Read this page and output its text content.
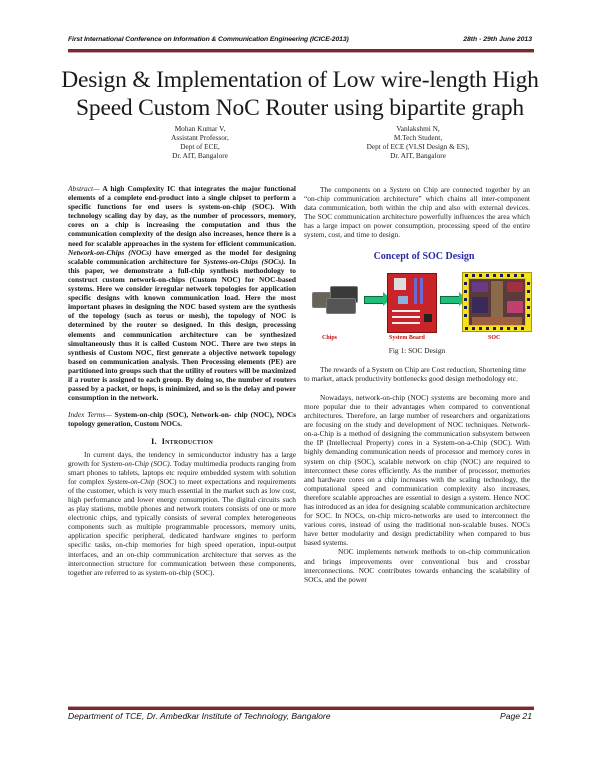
First International Conference on Information & Communication Engineering (ICICE-2013)	28th - 29th June 2013
Design & Implementation of Low wire-length High Speed Custom NoC Router using bipartite graph
Mohan Kumar V,
Assistant Professor,
Dept of ECE,
Dr. AIT, Bangalore
Vanlakshmi N,
M.Tech Student,
Dept of ECE (VLSI Design & ES),
Dr. AIT, Bangalore

Abstract— A high Complexity IC that integrates the major functional elements of a complete end-product into a single chipset to perform a specific functions for end users is system-on-chip (SOC). With technology scaling day by day, as the number of processors, memory, cores on a chip is increasing the computation and thus the communication complexity of the design also increases, hence there is a need for scalable approaches in the system for efficient communication. Network-on-Chips (NOCs) have emerged as the model for designing scalable communication architecture for Systems-on-Chips (SOCs). In this paper, we demonstrate a full-chip synthesis methodology to construct custom network-on-chips (Custom NOC) for NOC-based systems. Here we consider irregular network topologies for application specific designs with known communication load. Here the most important phases in designing the NOC based system are the synthesis of the topology (such as torus or mesh), the topology of NOC is determined by the router so designed. In this design, processing elements and communication architecture can be synthesized simultaneously thus it is called Custom NOC. There are two steps in synthesis of Custom NOC, first generate a objective network topology based on communication analysis. Then Processing elements (PE) are partitioned into groups such that the utility of routers will be maximized if a router is assigned to each group. By doing so, the number of routers passed by a packet, or hops, is minimized, and so is the delay and power consumption in the network.

Index Terms— System-on-chip (SOC), Network-on- chip (NOC), NOCs topology generation, Custom NOCs.

I. Introduction

In current days, the tendency in semiconductor industry has a large growth for System-on-Chip (SOC). Today multimedia products ranging from smart phones to tablets, laptops etc require embedded system with solution for complex System-on-Chip (SOC) to meet expectations and requirements of the customer, which is very much essential in the market such as low cost, high performance and lower energy consumption. The digital circuits such as play stations, mobile phones and network routers consists of one or more electronic chips, and typically consists of several complex heterogeneous components such as multiple programmable processors, memory units, application specific peripheral, dedicated hardware engines to perform specific tasks, on-chip memories for high speed operation, input-output interfaces, and an on-chip communication architecture that serves as the interconnection structure for communication between these components, together are referred to as system-on-chip (SOC).

The components on a System on Chip are connected together by an “on-chip communication architecture” which chains all inter-component data communication, both within the chip and also with external devices. The SOC communication architecture powerfully influences the area which has a large impact on power consumption, processing speed of the entire system, cost, and time to design.

Concept of SOC Design
Chips	System Board	SOC
Fig 1: SOC Design

The rewards of a System on Chip are Cost reduction, Shortening time to market, attack productivity bottlenecks good design methodology etc.

Nowadays, network-on-chip (NOC) systems are becoming more and more popular due to their advantages when compared to conventional architectures. Therefore, an large number of researchers and organizations are focusing on the study and development of NOC techniques. Network-on-a-Chip is a method of designing the communication subsystem between the IP (Intellectual Property) cores in a System-on-a-Chip (SOC). With highly demanding communication needs of processor and memory cores in system on chip (SOC), scalable network on chip (NOC) are required to interconnect these cores efficiently. As the number of processor, memories and hardware cores on a chip increases with the scaling technology, the computational speed and communication complexity also increases, therefore scalable approaches are essential to design a system. Hence NOC has introduced as an idea for designing scalable communication architecture for SOC. In NOCs, on-chip micro-networks are used to interconnect the various cores, instead of using the traditional non-scalable buses. NOCs have better modularity and design predictability when compared to bus based systems.

NOC implements network methods to on-chip communication and brings improvements over conventional bus and crossbar interconnections. NOC contributes towards enhancing the scalability of SOCs, and the power

Department of TCE, Dr. Ambedkar Institute of Technology, Bangalore	Page 21
